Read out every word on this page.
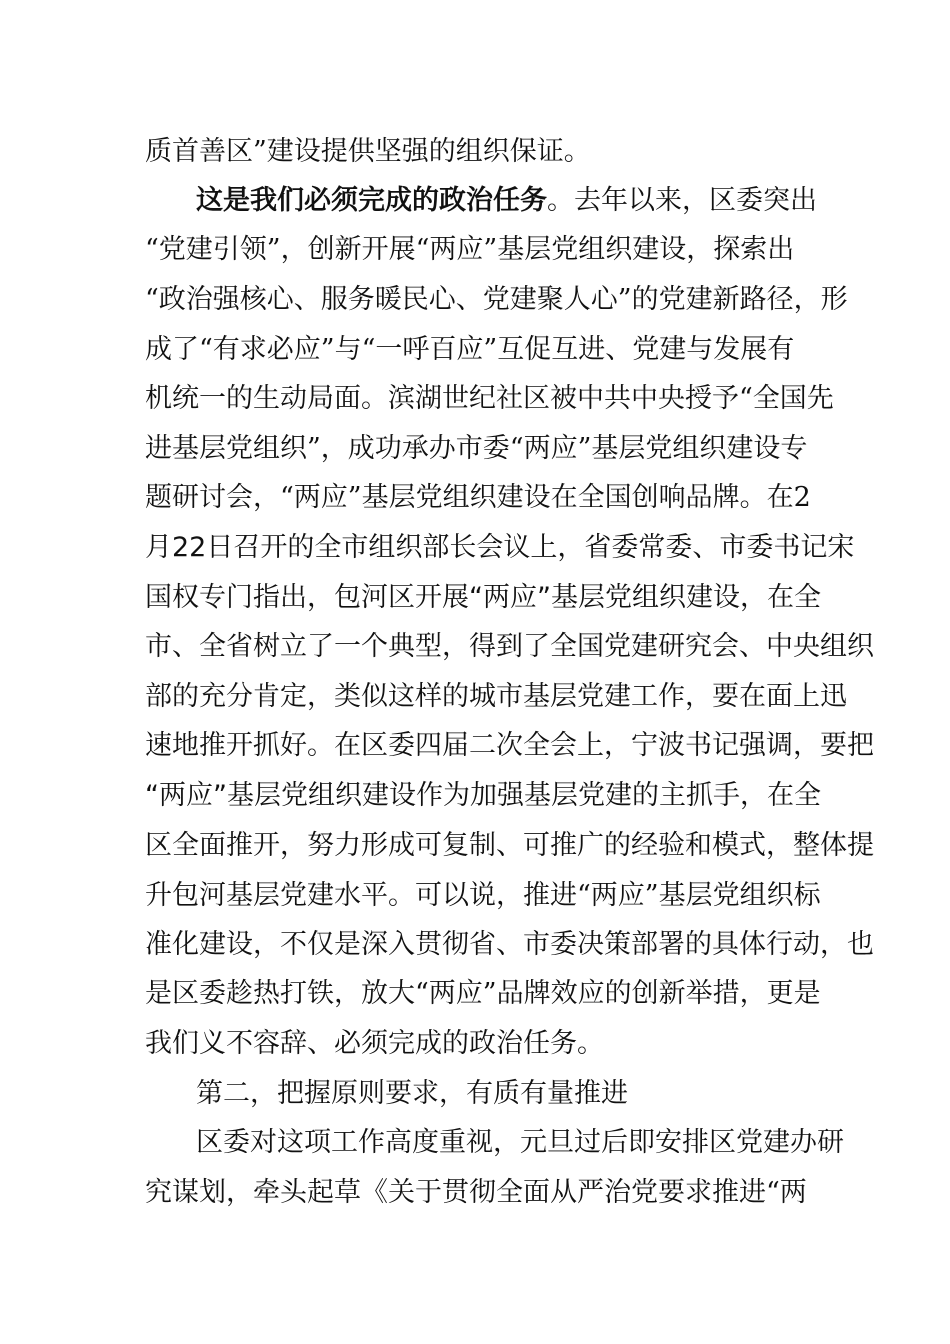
质首善区”建设提供坚强的组织保证。
这是我们必须完成的政治任务。去年以来，区委突出
“党建引领”，创新开展“两应”基层党组织建设，探索出
“政治强核心、服务暖民心、党建聚人心”的党建新路径，形
成了“有求必应”与“一呼百应”互促互进、党建与发展有
机统一的生动局面。滨湖世纪社区被中共中央授予“全国先
进基层党组织”，成功承办市委“两应”基层党组织建设专
题研讨会，“两应”基层党组织建设在全国创响品牌。在2
月22日召开的全市组织部长会议上，省委常委、市委书记宋
国权专门指出，包河区开展“两应”基层党组织建设，在全
市、全省树立了一个典型，得到了全国党建研究会、中央组织
部的充分肯定，类似这样的城市基层党建工作，要在面上迅
速地推开抓好。在区委四届二次全会上，宁波书记强调，要把
“两应”基层党组织建设作为加强基层党建的主抓手，在全
区全面推开，努力形成可复制、可推广的经验和模式，整体提
升包河基层党建水平。可以说，推进“两应”基层党组织标
准化建设，不仅是深入贯彻省、市委决策部署的具体行动，也
是区委趁热打铁，放大“两应”品牌效应的创新举措，更是
我们义不容辞、必须完成的政治任务。
第二，把握原则要求，有质有量推进
区委对这项工作高度重视，元旦过后即安排区党建办研
究谋划，牵头起草《关于贯彻全面从严治党要求推进“两
